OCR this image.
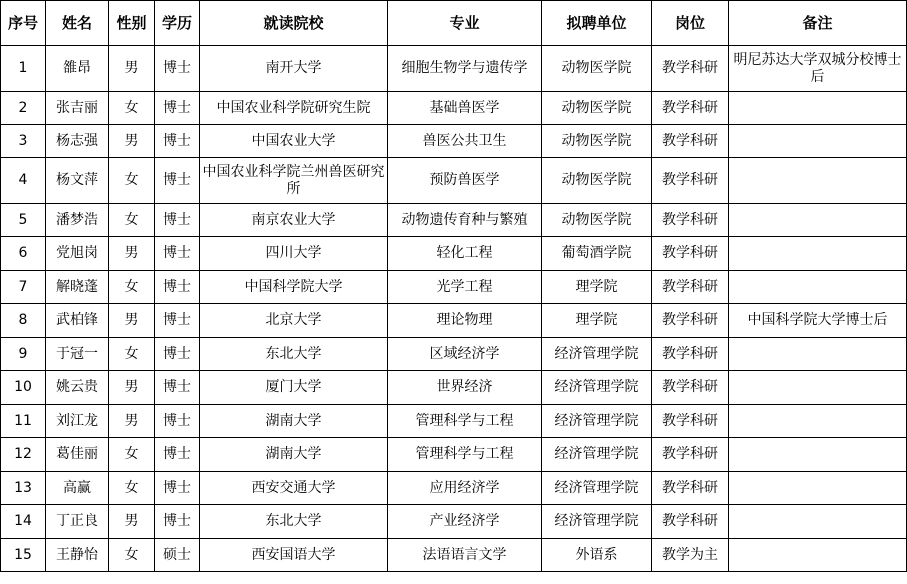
序号	姓名	性别	学历	就读院校	专业	拟聘单位	岗位	备注
1	雒昂	男	博士	南开大学	细胞生物学与遗传学	动物医学院	教学科研	明尼苏达大学双城分校博士后
2	张吉丽	女	博士	中国农业科学院研究生院	基础兽医学	动物医学院	教学科研	
3	杨志强	男	博士	中国农业大学	兽医公共卫生	动物医学院	教学科研	
4	杨文萍	女	博士	中国农业科学院兰州兽医研究所	预防兽医学	动物医学院	教学科研	
5	潘梦浩	女	博士	南京农业大学	动物遗传育种与繁殖	动物医学院	教学科研	
6	党旭岗	男	博士	四川大学	轻化工程	葡萄酒学院	教学科研	
7	解晓蓬	女	博士	中国科学院大学	光学工程	理学院	教学科研	
8	武柏锋	男	博士	北京大学	理论物理	理学院	教学科研	中国科学院大学博士后
9	于冠一	女	博士	东北大学	区域经济学	经济管理学院	教学科研	
10	姚云贵	男	博士	厦门大学	世界经济	经济管理学院	教学科研	
11	刘江龙	男	博士	湖南大学	管理科学与工程	经济管理学院	教学科研	
12	葛佳丽	女	博士	湖南大学	管理科学与工程	经济管理学院	教学科研	
13	高赢	女	博士	西安交通大学	应用经济学	经济管理学院	教学科研	
14	丁正良	男	博士	东北大学	产业经济学	经济管理学院	教学科研	
15	王静怡	女	硕士	西安国语大学	法语语言文学	外语系	教学为主	
